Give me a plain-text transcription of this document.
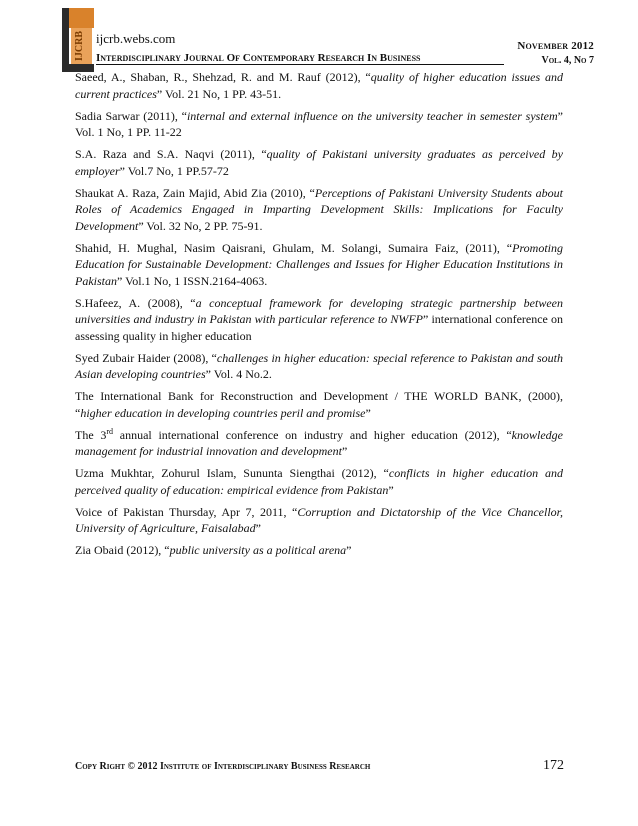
IJCRB ijcrb.webs.com	November 2012
Interdisciplinary Journal Of Contemporary Research In Business	Vol. 4, No 7

Saeed, A., Shaban, R., Shehzad, R. and M. Rauf (2012), “quality of higher education issues and current practices” Vol. 21 No, 1 PP. 43-51.

Sadia Sarwar (2011), “internal and external influence on the university teacher in semester system” Vol. 1 No, 1 PP. 11-22

S.A. Raza and S.A. Naqvi (2011), “quality of Pakistani university graduates as perceived by employer” Vol.7 No, 1 PP.57-72

Shaukat A. Raza, Zain Majid, Abid Zia (2010), “Perceptions of Pakistani University Students about Roles of Academics Engaged in Imparting Development Skills: Implications for Faculty Development” Vol. 32 No, 2 PP. 75-91.

Shahid, H. Mughal, Nasim Qaisrani, Ghulam, M. Solangi, Sumaira Faiz, (2011), “Promoting Education for Sustainable Development: Challenges and Issues for Higher Education Institutions in Pakistan” Vol.1 No, 1 ISSN.2164-4063.

S.Hafeez, A. (2008), “a conceptual framework for developing strategic partnership between universities and industry in Pakistan with particular reference to NWFP” international conference on assessing quality in higher education

Syed Zubair Haider (2008), “challenges in higher education: special reference to Pakistan and south Asian developing countries” Vol. 4 No.2.

The International Bank for Reconstruction and Development / THE WORLD BANK, (2000), “higher education in developing countries peril and promise”

The 3rd annual international conference on industry and higher education (2012), “knowledge management for industrial innovation and development”

Uzma Mukhtar, Zohurul Islam, Sununta Siengthai (2012), “conflicts in higher education and perceived quality of education: empirical evidence from Pakistan”

Voice of Pakistan Thursday, Apr 7, 2011, “Corruption and Dictatorship of the Vice Chancellor, University of Agriculture, Faisalabad”

Zia Obaid (2012), “public university as a political arena”

Copy Right © 2012 Institute of Interdisciplinary Business Research	172
